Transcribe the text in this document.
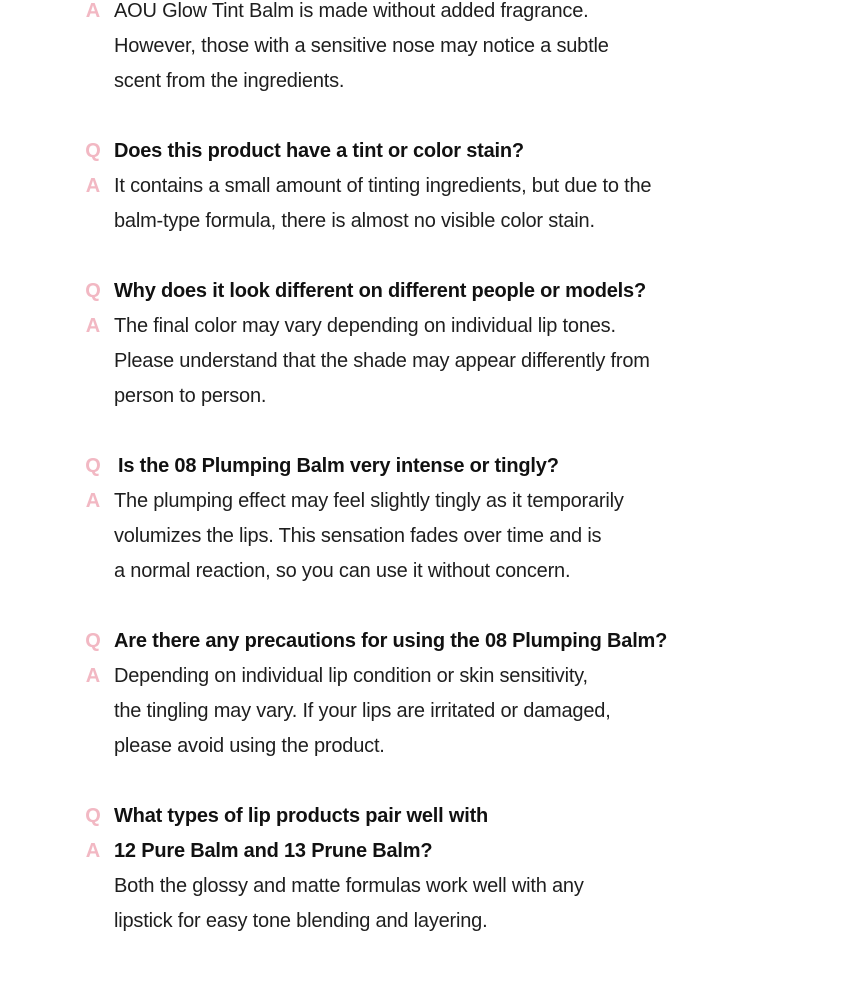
A AOU Glow Tint Balm is made without added fragrance.
However, those with a sensitive nose may notice a subtle
scent from the ingredients.
Q Does this product have a tint or color stain?
A It contains a small amount of tinting ingredients, but due to the
balm-type formula, there is almost no visible color stain.
Q Why does it look different on different people or models?
A The final color may vary depending on individual lip tones.
Please understand that the shade may appear differently from
person to person.
Q Is the 08 Plumping Balm very intense or tingly?
A The plumping effect may feel slightly tingly as it temporarily
volumizes the lips. This sensation fades over time and is
a normal reaction, so you can use it without concern.
Q Are there any precautions for using the 08 Plumping Balm?
A Depending on individual lip condition or skin sensitivity,
the tingling may vary. If your lips are irritated or damaged,
please avoid using the product.
Q What types of lip products pair well with
A 12 Pure Balm and 13 Prune Balm?
Both the glossy and matte formulas work well with any
lipstick for easy tone blending and layering.
